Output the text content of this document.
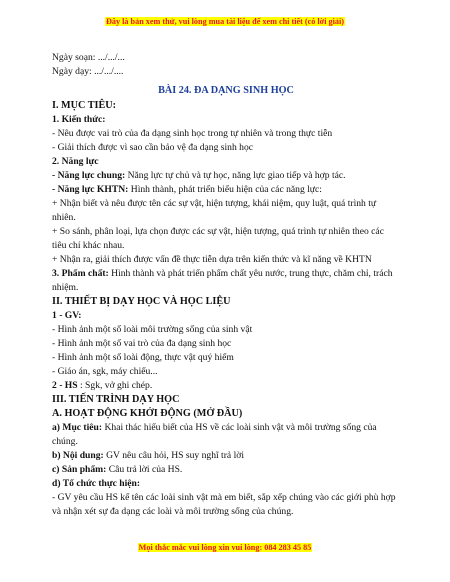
Đây là bản xem thử, vui lòng mua tài liệu để xem chi tiết (có lời giải)
Ngày soạn: .../.../...
Ngày dạy: .../.../....
BÀI 24. ĐA DẠNG SINH HỌC
I. MỤC TIÊU:
1. Kiến thức:
- Nêu được vai trò của đa dạng sinh học trong tự nhiên và trong thực tiễn
- Giải thích được vì sao cần bảo vệ đa dạng sinh học
2. Năng lực
- Năng lực chung: Năng lực tự chủ và tự học, năng lực giao tiếp và hợp tác.
- Năng lực KHTN: Hình thành, phát triển biểu hiện của các năng lực:
+ Nhận biết và nêu được tên các sự vật, hiện tượng, khái niệm, quy luật, quá trình tự nhiên.
+ So sánh, phân loại, lựa chọn được các sự vật, hiện tượng, quá trình tự nhiên theo các tiêu chí khác nhau.
+ Nhận ra, giải thích được vấn đề thực tiễn dựa trên kiến thức và kĩ năng về KHTN
3. Phẩm chất: Hình thành và phát triển phẩm chất yêu nước, trung thực, chăm chỉ, trách nhiệm.
II. THIẾT BỊ DẠY HỌC VÀ HỌC LIỆU
1 - GV:
- Hình ảnh một số loài môi trường sống của sinh vật
- Hình ảnh một số vai trò của đa dạng sinh học
- Hình ảnh một số loài động, thực vật quý hiếm
- Giáo án, sgk, máy chiếu...
2 - HS : Sgk, vở ghi chép.
III. TIẾN TRÌNH DẠY HỌC
A. HOẠT ĐỘNG KHỞI ĐỘNG (MỞ ĐẦU)
a) Mục tiêu: Khai thác hiểu biết của HS về các loài sinh vật và môi trường sống của chúng.
b) Nội dung: GV nêu câu hỏi, HS suy nghĩ trả lời
c) Sản phẩm: Câu trả lời của HS.
d) Tổ chức thực hiện:
- GV yêu cầu HS kể tên các loài sinh vật mà em biết, sắp xếp chúng vào các giới phù hợp và nhận xét sự đa dạng các loài và môi trường sống của chúng.
Mọi thắc mắc vui lòng xin vui lòng: 084 283 45 85
